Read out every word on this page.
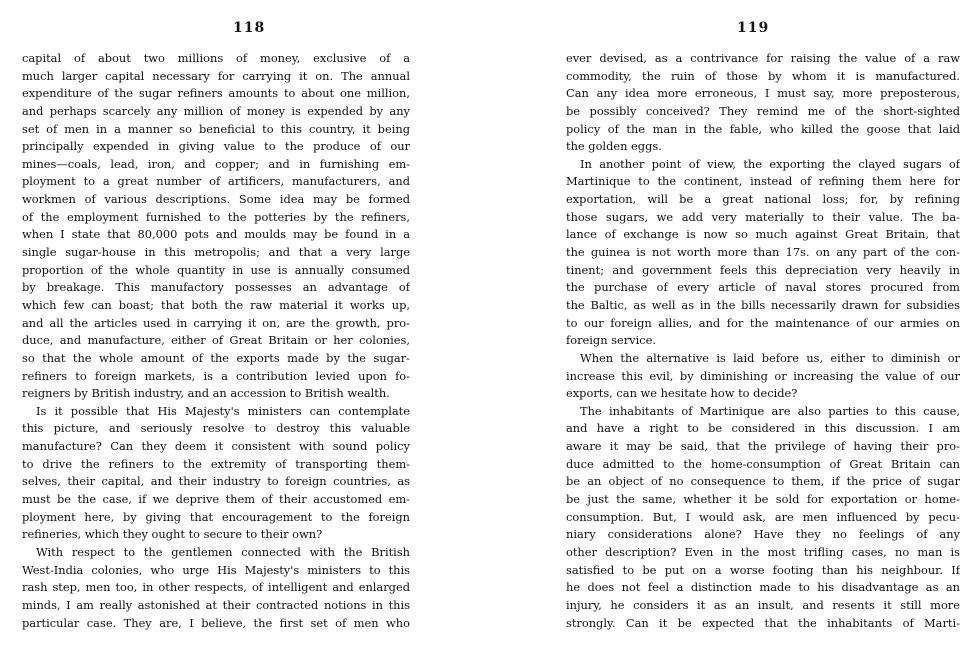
118
capital of about two millions of money, exclusive of a
much larger capital necessary for carrying it on. The annual
expenditure of the sugar refiners amounts to about one million,
and perhaps scarcely any million of money is expended by any
set of men in a manner so beneficial to this country, it being
principally expended in giving value to the produce of our
mines—coals, lead, iron, and copper; and in furnishing em-
ployment to a great number of artificers, manufacturers, and
workmen of various descriptions. Some idea may be formed
of the employment furnished to the potteries by the refiners,
when I state that 80,000 pots and moulds may be found in a
single sugar-house in this metropolis; and that a very large
proportion of the whole quantity in use is annually consumed
by breakage. This manufactory possesses an advantage of
which few can boast; that both the raw material it works up,
and all the articles used in carrying it on, are the growth, pro-
duce, and manufacture, either of Great Britain or her colonies,
so that the whole amount of the exports made by the sugar-
refiners to foreign markets, is a contribution levied upon fo-
reigners by British industry, and an accession to British wealth.
Is it possible that His Majesty's ministers can contemplate
this picture, and seriously resolve to destroy this valuable
manufacture? Can they deem it consistent with sound policy
to drive the refiners to the extremity of transporting them-
selves, their capital, and their industry to foreign countries, as
must be the case, if we deprive them of their accustomed em-
ployment here, by giving that encouragement to the foreign
refineries, which they ought to secure to their own?
With respect to the gentlemen connected with the British
West-India colonies, who urge His Majesty's ministers to this
rash step, men too, in other respects, of intelligent and enlarged
minds, I am really astonished at their contracted notions in this
particular case. They are, I believe, the first set of men who
119
ever devised, as a contrivance for raising the value of a raw
commodity, the ruin of those by whom it is manufactured.
Can any idea more erroneous, I must say, more preposterous,
be possibly conceived? They remind me of the short-sighted
policy of the man in the fable, who killed the goose that laid
the golden eggs.
In another point of view, the exporting the clayed sugars of
Martinique to the continent, instead of refining them here for
exportation, will be a great national loss; for, by refining
those sugars, we add very materially to their value. The ba-
lance of exchange is now so much against Great Britain, that
the guinea is not worth more than 17s. on any part of the con-
tinent; and government feels this depreciation very heavily in
the purchase of every article of naval stores procured from
the Baltic, as well as in the bills necessarily drawn for subsidies
to our foreign allies, and for the maintenance of our armies on
foreign service.
When the alternative is laid before us, either to diminish or
increase this evil, by diminishing or increasing the value of our
exports, can we hesitate how to decide?
The inhabitants of Martinique are also parties to this cause,
and have a right to be considered in this discussion. I am
aware it may be said, that the privilege of having their pro-
duce admitted to the home-consumption of Great Britain can
be an object of no consequence to them, if the price of sugar
be just the same, whether it be sold for exportation or home-
consumption. But, I would ask, are men influenced by pecu-
niary considerations alone? Have they no feelings of any
other description? Even in the most trifling cases, no man is
satisfied to be put on a worse footing than his neighbour. If
he does not feel a distinction made to his disadvantage as an
injury, he considers it as an insult, and resents it still more
strongly. Can it be expected that the inhabitants of Marti-
